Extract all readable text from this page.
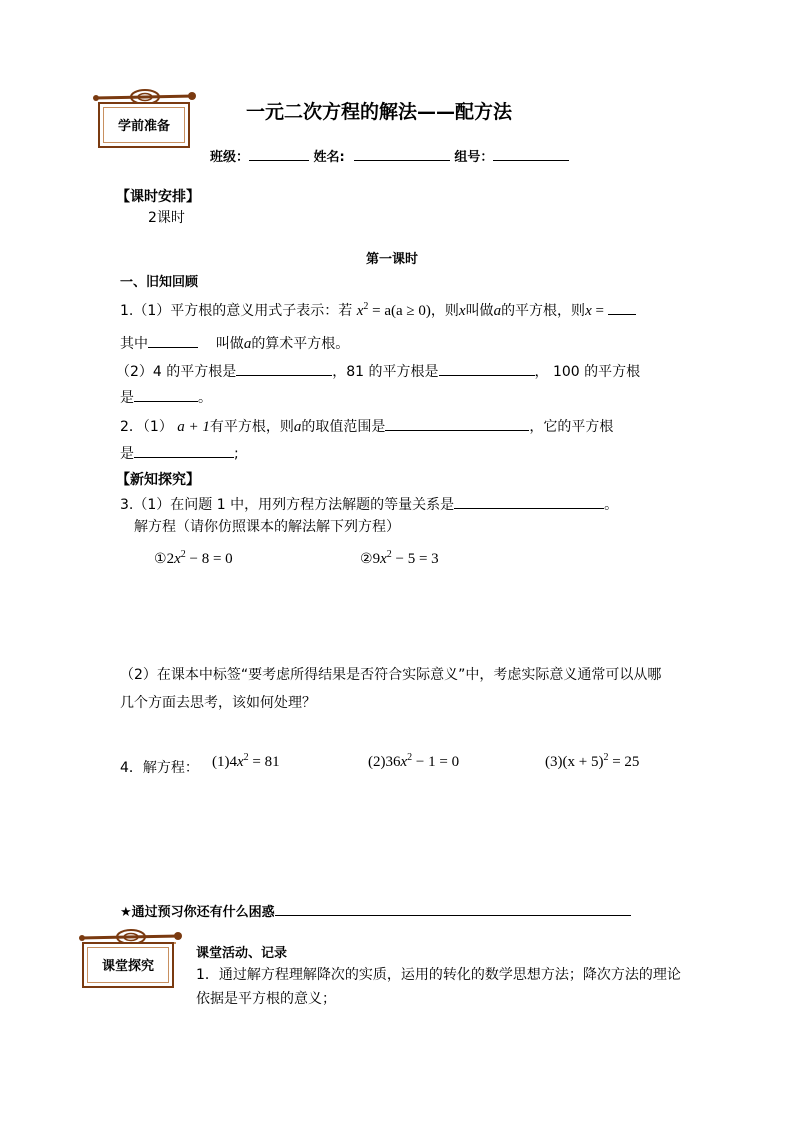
学前准备
一元二次方程的解法——配方法
班级：	姓名:	组号：
【课时安排】
2课时
第一课时
一、旧知回顾
1.（1）平方根的意义用式子表示：若 $x^2 = a(a \ge 0)$，则x叫做a的平方根，则x =
其中	叫做a的算术平方根。
（2）4 的平方根是	，81 的平方根是	， 100 的平方根
是	。
2．（1） a + 1有平方根，则a的取值范围是	，它的平方根
是	;
【新知探究】
3.（1）在问题 1 中，用列方程方法解题的等量关系是	。
解方程（请你仿照课本的解法解下列方程）
$①2x^2 - 8 = 0$	$②9x^2 - 5 = 3$
（2）在课本中标签“要考虑所得结果是否符合实际意义”中，考虑实际意义通常可以从哪
几个方面去思考，该如何处理？
4．解方程： $(1)4x^2 = 81$	$(2)36x^2 - 1 = 0$	$(3)(x + 5)^2 = 25$
★通过预习你还有什么困惑
课堂探究
课堂活动、记录
1．通过解方程理解降次的实质，运用的转化的数学思想方法；降次方法的理论
依据是平方根的意义；
